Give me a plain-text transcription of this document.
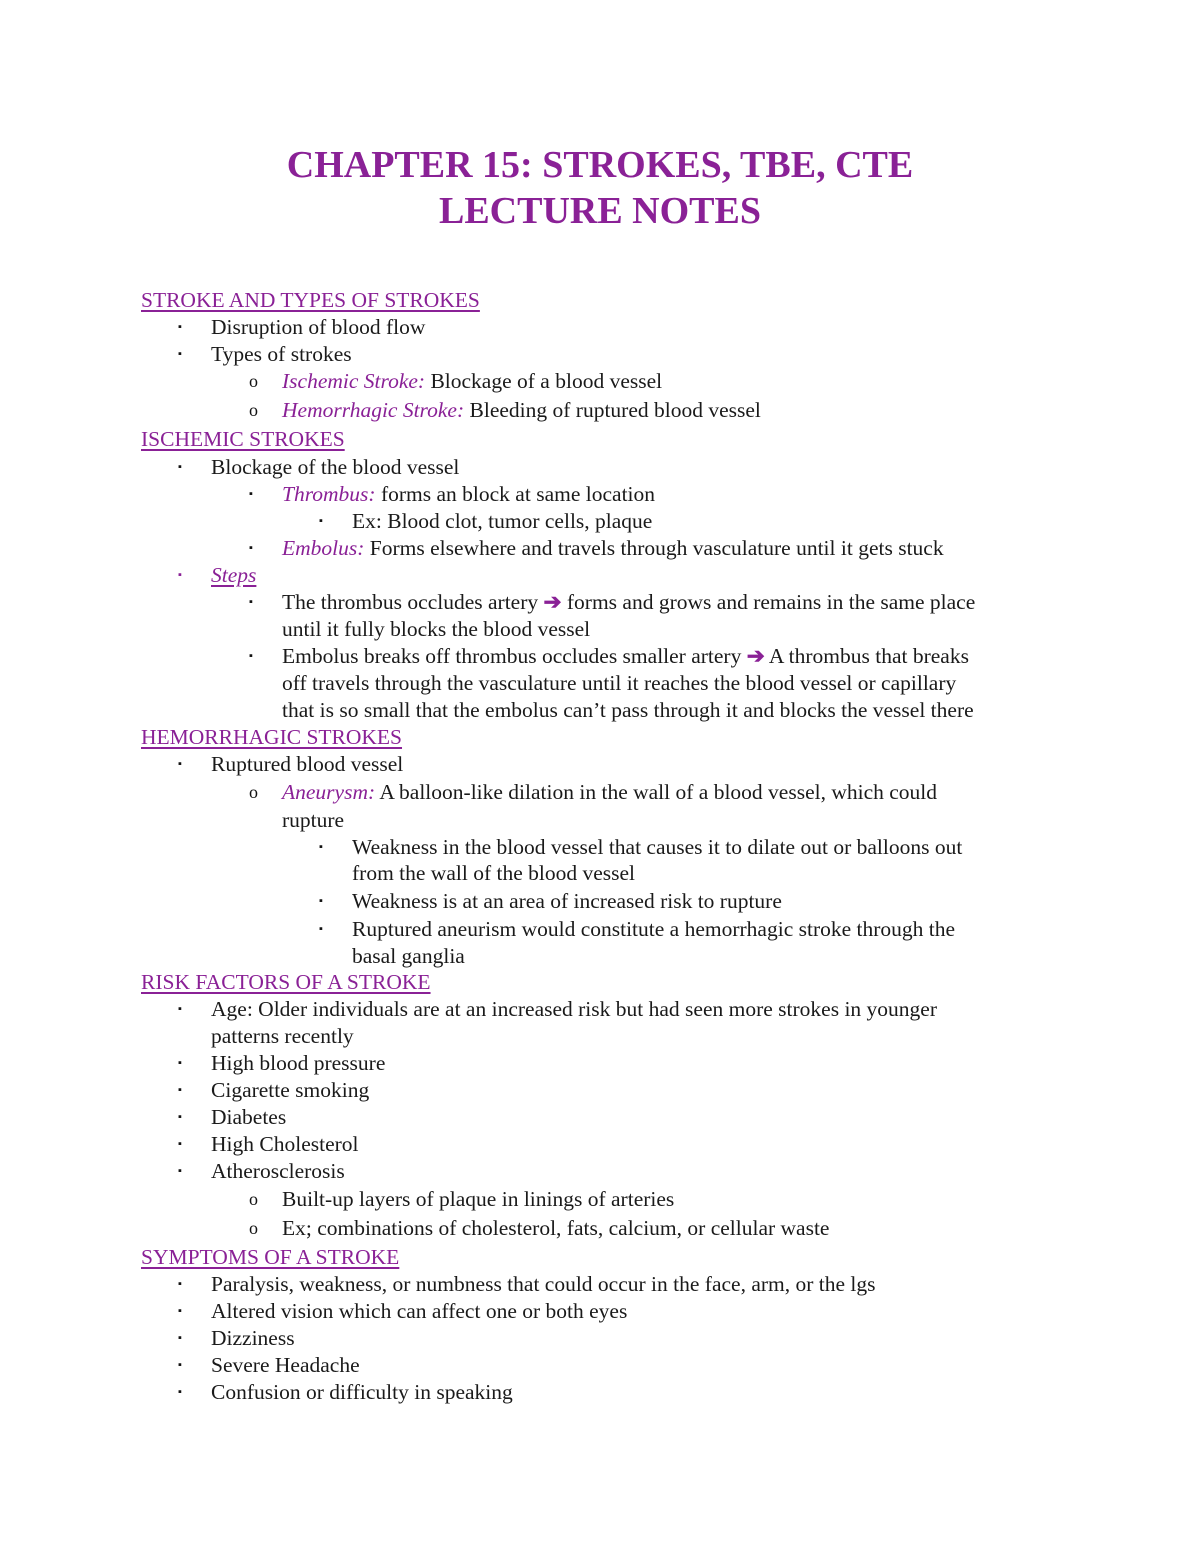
CHAPTER 15: STROKES, TBE, CTE
LECTURE NOTES
STROKE AND TYPES OF STROKES
▪ Disruption of blood flow
▪ Types of strokes
o Ischemic Stroke: Blockage of a blood vessel
o Hemorrhagic Stroke: Bleeding of ruptured blood vessel
ISCHEMIC STROKES
▪ Blockage of the blood vessel
▪ Thrombus: forms an block at same location
▪ Ex: Blood clot, tumor cells, plaque
▪ Embolus: Forms elsewhere and travels through vasculature until it gets stuck
▪ Steps
▪ The thrombus occludes artery ➔ forms and grows and remains in the same place
until it fully blocks the blood vessel
▪ Embolus breaks off thrombus occludes smaller artery ➔ A thrombus that breaks
off travels through the vasculature until it reaches the blood vessel or capillary
that is so small that the embolus can’t pass through it and blocks the vessel there
HEMORRHAGIC STROKES
▪ Ruptured blood vessel
o Aneurysm: A balloon-like dilation in the wall of a blood vessel, which could
rupture
▪ Weakness in the blood vessel that causes it to dilate out or balloons out
from the wall of the blood vessel
▪ Weakness is at an area of increased risk to rupture
▪ Ruptured aneurism would constitute a hemorrhagic stroke through the
basal ganglia
RISK FACTORS OF A STROKE
▪ Age: Older individuals are at an increased risk but had seen more strokes in younger
patterns recently
▪ High blood pressure
▪ Cigarette smoking
▪ Diabetes
▪ High Cholesterol
▪ Atherosclerosis
o Built-up layers of plaque in linings of arteries
o Ex; combinations of cholesterol, fats, calcium, or cellular waste
SYMPTOMS OF A STROKE
▪ Paralysis, weakness, or numbness that could occur in the face, arm, or the lgs
▪ Altered vision which can affect one or both eyes
▪ Dizziness
▪ Severe Headache
▪ Confusion or difficulty in speaking
